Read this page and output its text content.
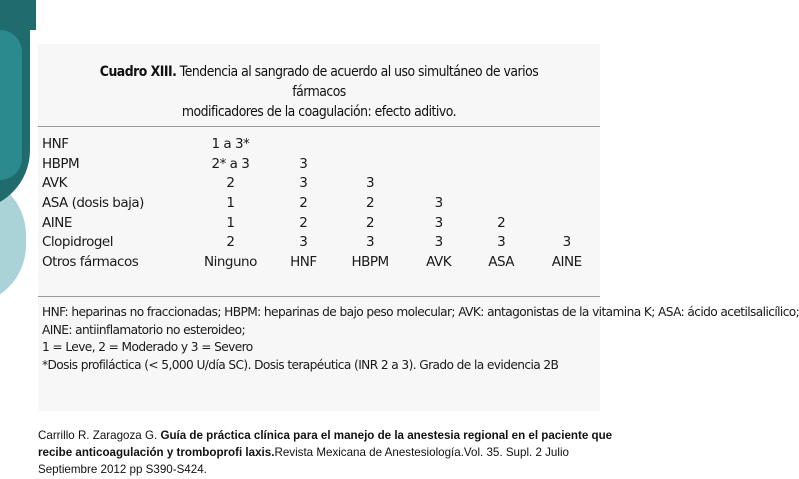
Cuadro XIII. Tendencia al sangrado de acuerdo al uso simultáneo de varios fármacos
modificadores de la coagulación: efecto aditivo.
HNF	1 a 3*					
HBPM	2* a 3	3				
AVK	2	3	3			
ASA (dosis baja)	1	2	2	3		
AINE	1	2	2	3	2	
Clopidrogel	2	3	3	3	3	3
Otros fármacos	Ninguno	HNF	HBPM	AVK	ASA	AINE
HNF: heparinas no fraccionadas; HBPM: heparinas de bajo peso molecular; AVK: antagonistas de la vitamina K; ASA: ácido acetilsalicílico;
AINE: antiinflamatorio no esteroideo;
1 = Leve, 2 = Moderado y 3 = Severo
*Dosis profiláctica (< 5,000 U/día SC). Dosis terapéutica (INR 2 a 3). Grado de la evidencia 2B
Carrillo R. Zaragoza G. Guía de práctica clínica para el manejo de la anestesia regional en el paciente que recibe anticoagulación y tromboprofi laxis.Revista Mexicana de Anestesiología.Vol. 35. Supl. 2 Julio Septiembre 2012 pp S390-S424.
